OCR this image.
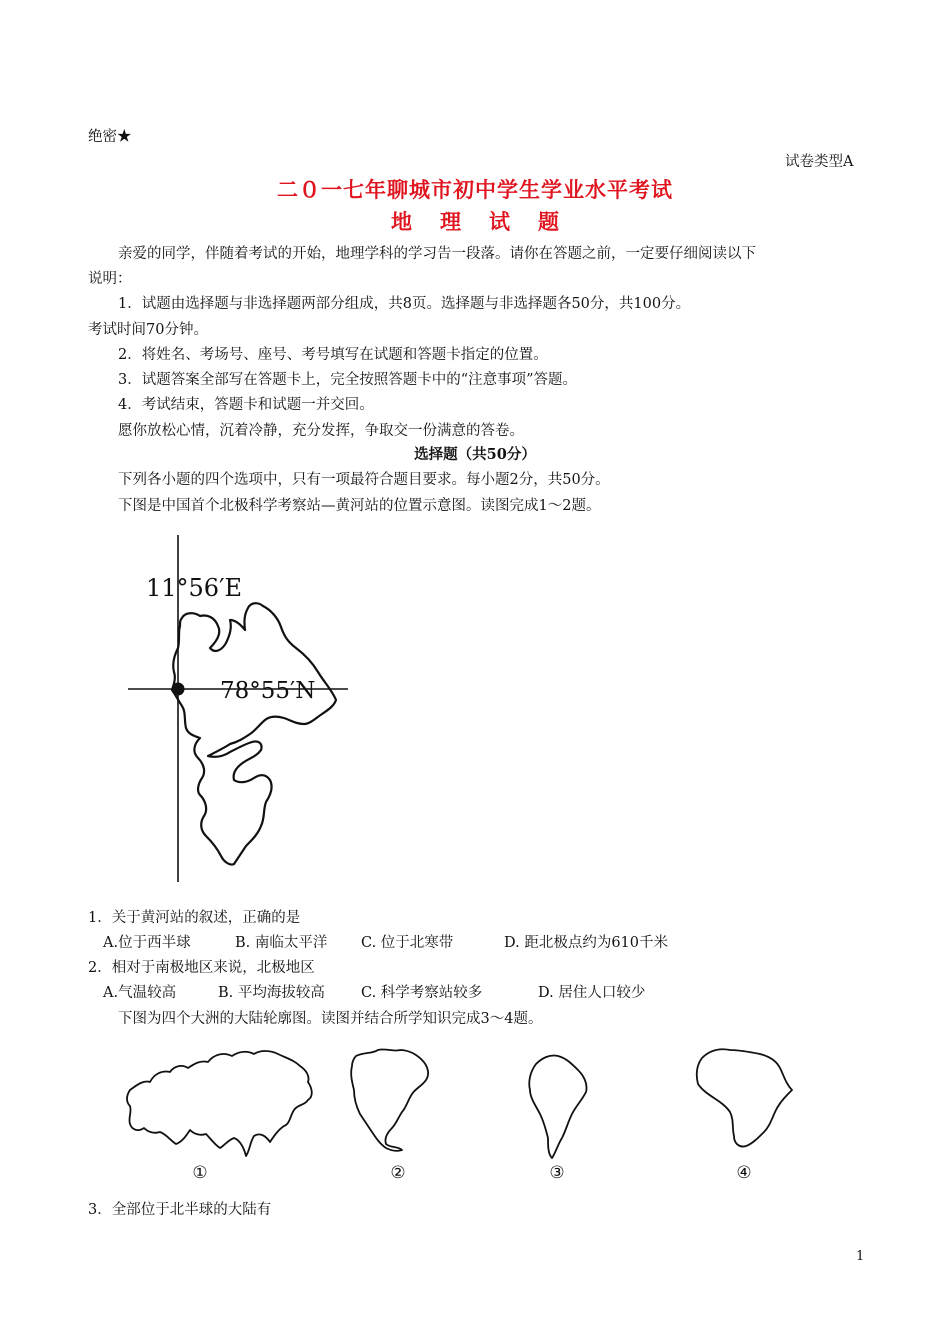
绝密★
试卷类型A
二０一七年聊城市初中学生学业水平考试
地 理 试 题
亲爱的同学，伴随着考试的开始，地理学科的学习告一段落。请你在答题之前，一定要仔细阅读以下
说明：
1．试题由选择题与非选择题两部分组成，共8页。选择题与非选择题各50分，共100分。
考试时间70分钟。
2．将姓名、考场号、座号、考号填写在试题和答题卡指定的位置。
3．试题答案全部写在答题卡上，完全按照答题卡中的“注意事项”答题。
4．考试结束，答题卡和试题一并交回。
愿你放松心情，沉着冷静，充分发挥，争取交一份满意的答卷。
选择题（共50分）
下列各小题的四个选项中，只有一项最符合题目要求。每小题2分，共50分。
下图是中国首个北极科学考察站—黄河站的位置示意图。读图完成1～2题。
11°56′E
78°55′N
1．关于黄河站的叙述，正确的是
A.位于西半球	B. 南临太平洋 C. 位于北寒带	D. 距北极点约为610千米
2．相对于南极地区来说，北极地区
A.气温较高	B. 平均海拔较高 C. 科学考察站较多	D. 居住人口较少
下图为四个大洲的大陆轮廓图。读图并结合所学知识完成3～4题。
①	②	③	④
3．全部位于北半球的大陆有
1
